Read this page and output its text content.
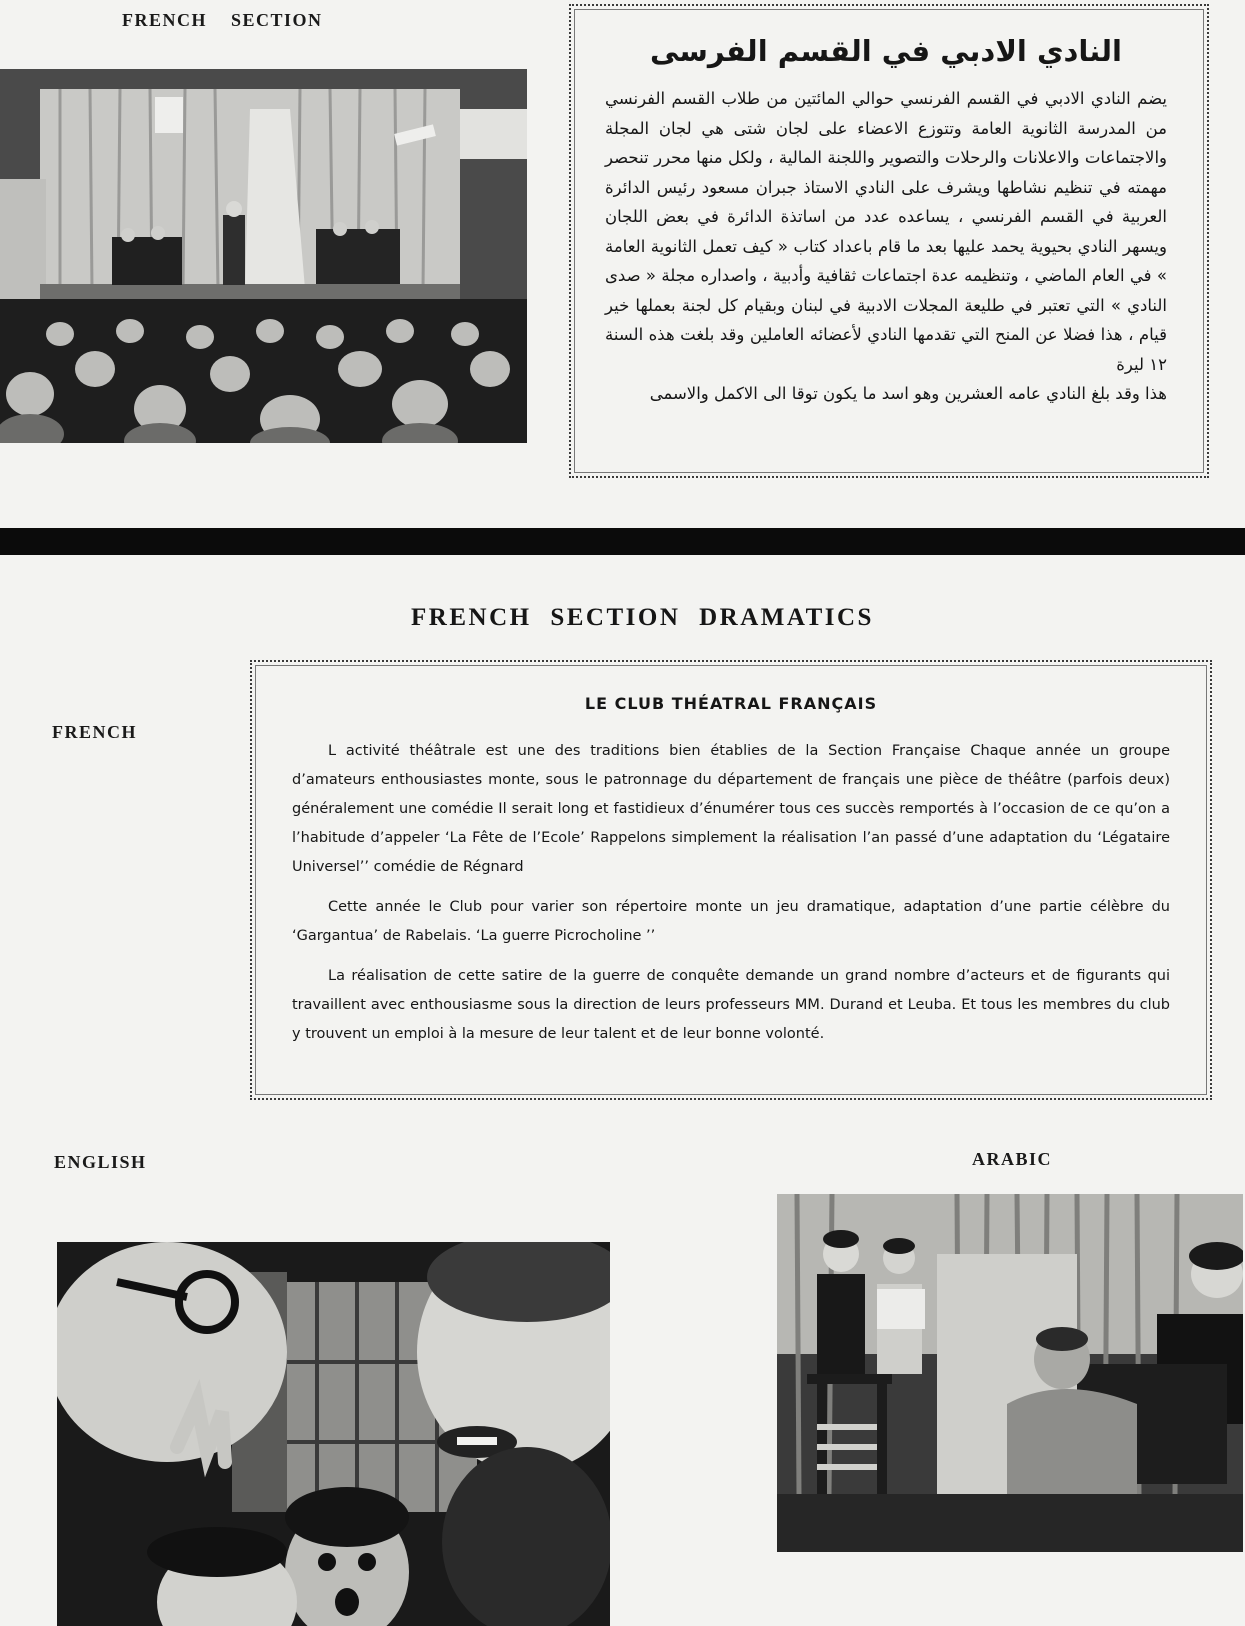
FRENCH    SECTION
النادي الادبي في القسم الفرسى

يضم النادي الادبي في القسم الفرنسي حوالي المائتين من طلاب القسم الفرنسي من المدرسة الثانوية العامة وتتوزع الاعضاء على لجان شتى هي لجان المجلة والاجتماعات والاعلانات والرحلات والتصوير واللجنة المالية ، ولكل منها محرر تنحصر مهمته في تنظيم نشاطها ويشرف على النادي الاستاذ جبران مسعود رئيس الدائرة العربية في القسم الفرنسي ، يساعده عدد من اساتذة الدائرة في بعض اللجان ويسهر النادي بحيوية يحمد عليها بعد ما قام باعداد كتاب « كيف تعمل الثانوية العامة » في العام الماضي ، وتنظيمه عدة اجتماعات ثقافية وأدبية ، واصداره مجلة « صدى النادي » التي تعتبر في طليعة المجلات الادبية في لبنان وبقيام كل لجنة بعملها خير قيام ، هذا فضلا عن المنح التي تقدمها النادي لأعضائه العاملين وقد بلغت هذه السنة ١٢ ليرة

هذا وقد بلغ النادي عامه العشرين وهو اسد ما يكون توقا الى الاكمل والاسمى

FRENCH SECTION DRAMATICS
FRENCH
LE CLUB THÉATRAL FRANÇAIS

L activité théâtrale est une des traditions bien établies de la Section Française Chaque année un groupe d’amateurs enthousiastes monte, sous le patronnage du département de français une pièce de théâtre (parfois deux) généralement une comédie Il serait long et fastidieux d’énumérer tous ces succès remportés à l’occasion de ce qu’on a l’habitude d’appeler ‘La Fête de l’Ecole’ Rappelons simplement la réalisation l’an passé d’une adaptation du ‘Légataire Universel’’ comédie de Régnard

Cette année le Club pour varier son répertoire monte un jeu dramatique, adaptation d’une partie célèbre du ‘Gargantua’ de Rabelais. ‘La guerre Picrocholine ’’

La réalisation de cette satire de la guerre de conquête demande un grand nombre d’acteurs et de figurants qui travaillent avec enthousiasme sous la direction de leurs professeurs MM. Durand et Leuba. Et tous les membres du club y trouvent un emploi à la mesure de leur talent et de leur bonne volonté.

ENGLISH	ARABIC
